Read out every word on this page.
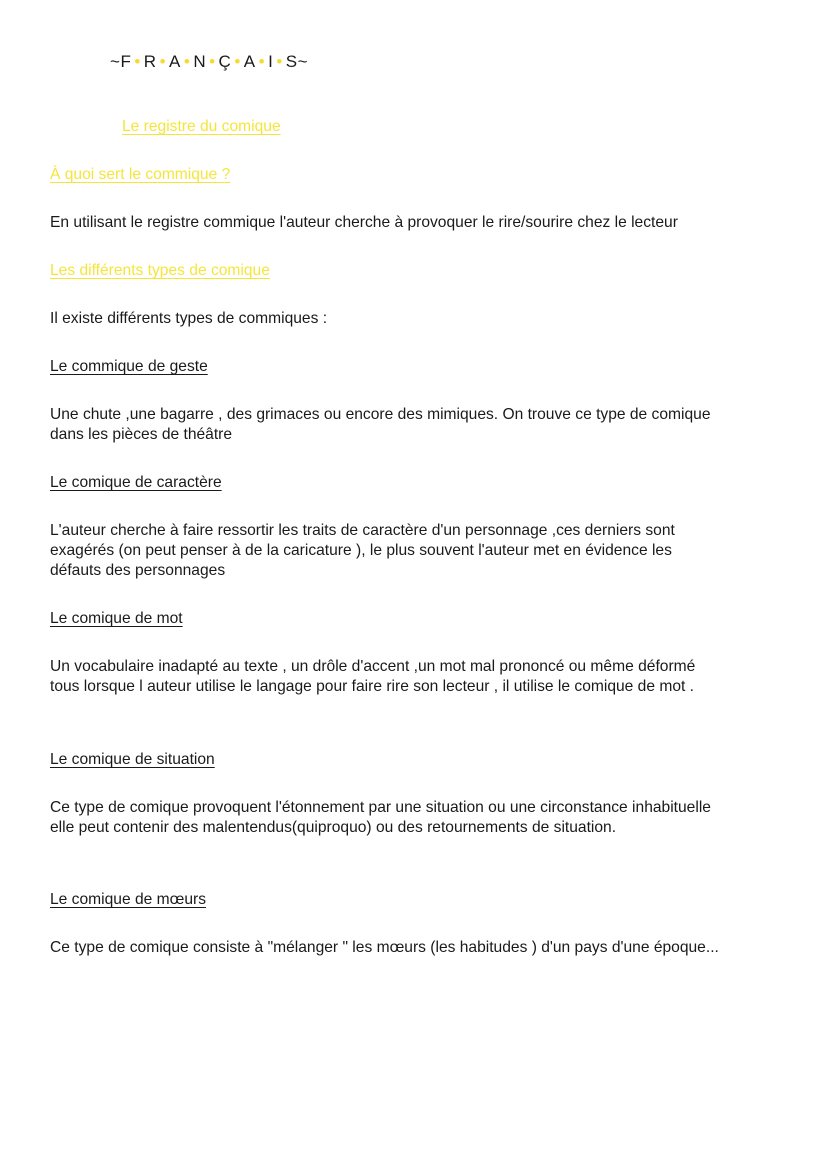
~F • R • A • N • Ç • A • I • S~
Le registre du comique
À quoi sert le commique ?
En utilisant le registre commique l'auteur cherche à provoquer le rire/sourire chez le lecteur
Les différents types de comique
Il existe différents types de commiques :
Le commique de geste
Une chute ,une bagarre , des grimaces ou encore des mimiques. On trouve ce type de comique
dans les pièces de théâtre
Le comique de caractère
L'auteur cherche à faire ressortir les traits de caractère d'un personnage ,ces derniers sont
exagérés (on peut penser à de la caricature ), le plus souvent l'auteur met en évidence les
défauts des personnages
Le comique de mot
Un vocabulaire inadapté au texte , un drôle d'accent ,un mot mal prononcé ou même déformé
tous lorsque l auteur utilise le langage pour faire rire son lecteur , il utilise le comique de mot .
Le comique de situation
Ce type de comique provoquent l'étonnement par une situation ou une circonstance inhabituelle
elle peut contenir des malentendus(quiproquo) ou des retournements de situation.
Le comique de mœurs
Ce type de comique consiste à "mélanger " les mœurs (les habitudes ) d'un pays d'une époque...
